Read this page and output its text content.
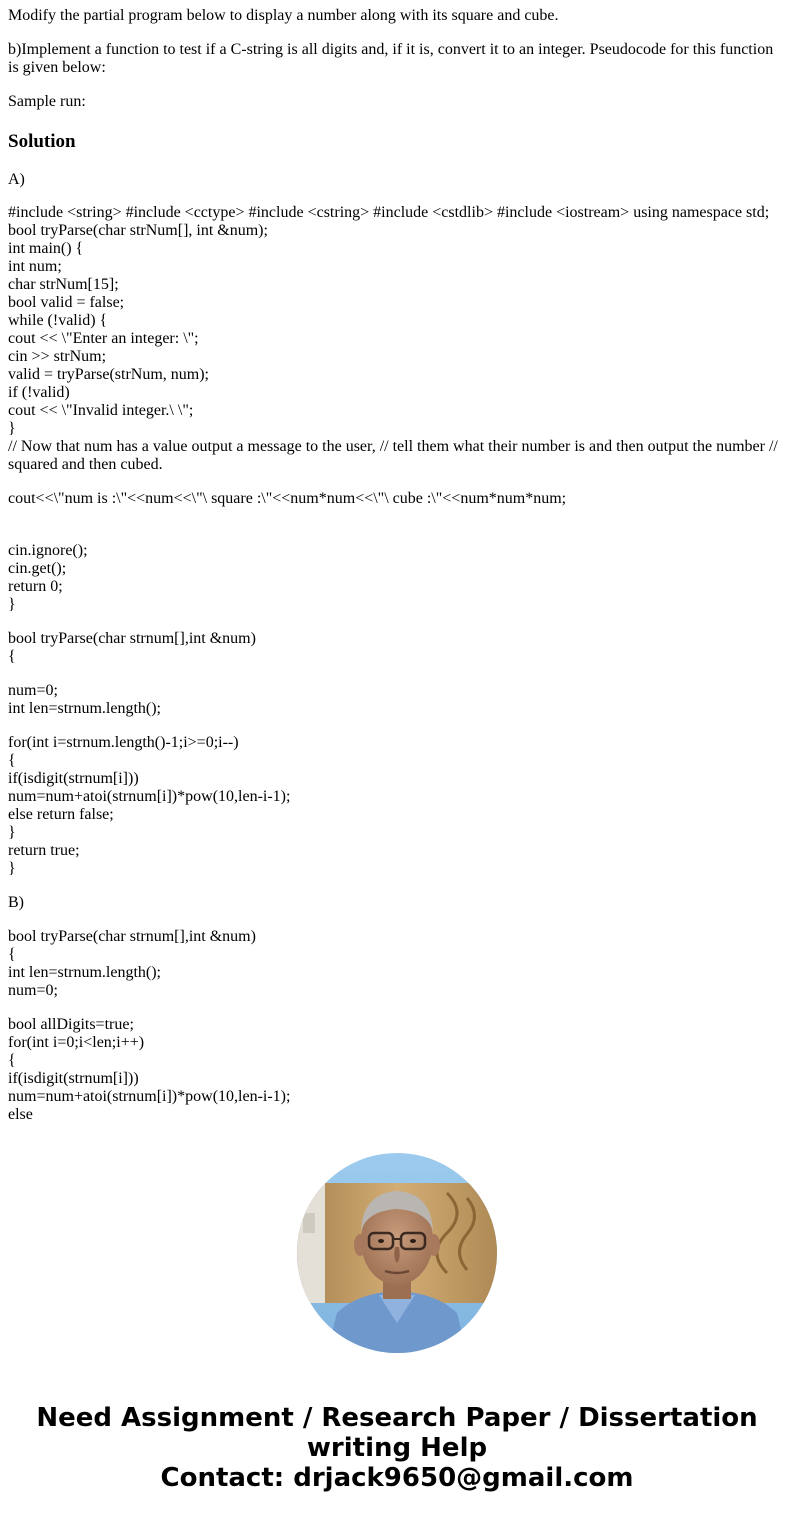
Modify the partial program below to display a number along with its square and cube.

b)Implement a function to test if a C-string is all digits and, if it is, convert it to an integer. Pseudocode for this function is given below:

Sample run:

Solution

A)

#include <string> #include <cctype> #include <cstring> #include <cstdlib> #include <iostream> using namespace std;
bool tryParse(char strNum[], int &num);
int main() {
int num;
char strNum[15];
bool valid = false;
while (!valid) {
cout << \"Enter an integer: \";
cin >> strNum;
valid = tryParse(strNum, num);
if (!valid)
cout << \"Invalid integer.\ \";
}
// Now that num has a value output a message to the user, // tell them what their number is and then output the number // squared and then cubed.

cout<<\"num is :\"<<num<<\"\ square :\"<<num*num<<\"\ cube :\"<<num*num*num;

cin.ignore();
cin.get();
return 0;
}
bool tryParse(char strnum[],int &num)
{
num=0;
int len=strnum.length();
for(int i=strnum.length()-1;i>=0;i--)
{
if(isdigit(strnum[i]))
num=num+atoi(strnum[i])*pow(10,len-i-1);
else return false;
}
return true;
}

B)

bool tryParse(char strnum[],int &num)
{
int len=strnum.length();
num=0;
bool allDigits=true;
for(int i=0;i<len;i++)
{
if(isdigit(strnum[i]))
num=num+atoi(strnum[i])*pow(10,len-i-1);
else
Need Assignment / Research Paper / Dissertation
writing Help
Contact: drjack9650@gmail.com
